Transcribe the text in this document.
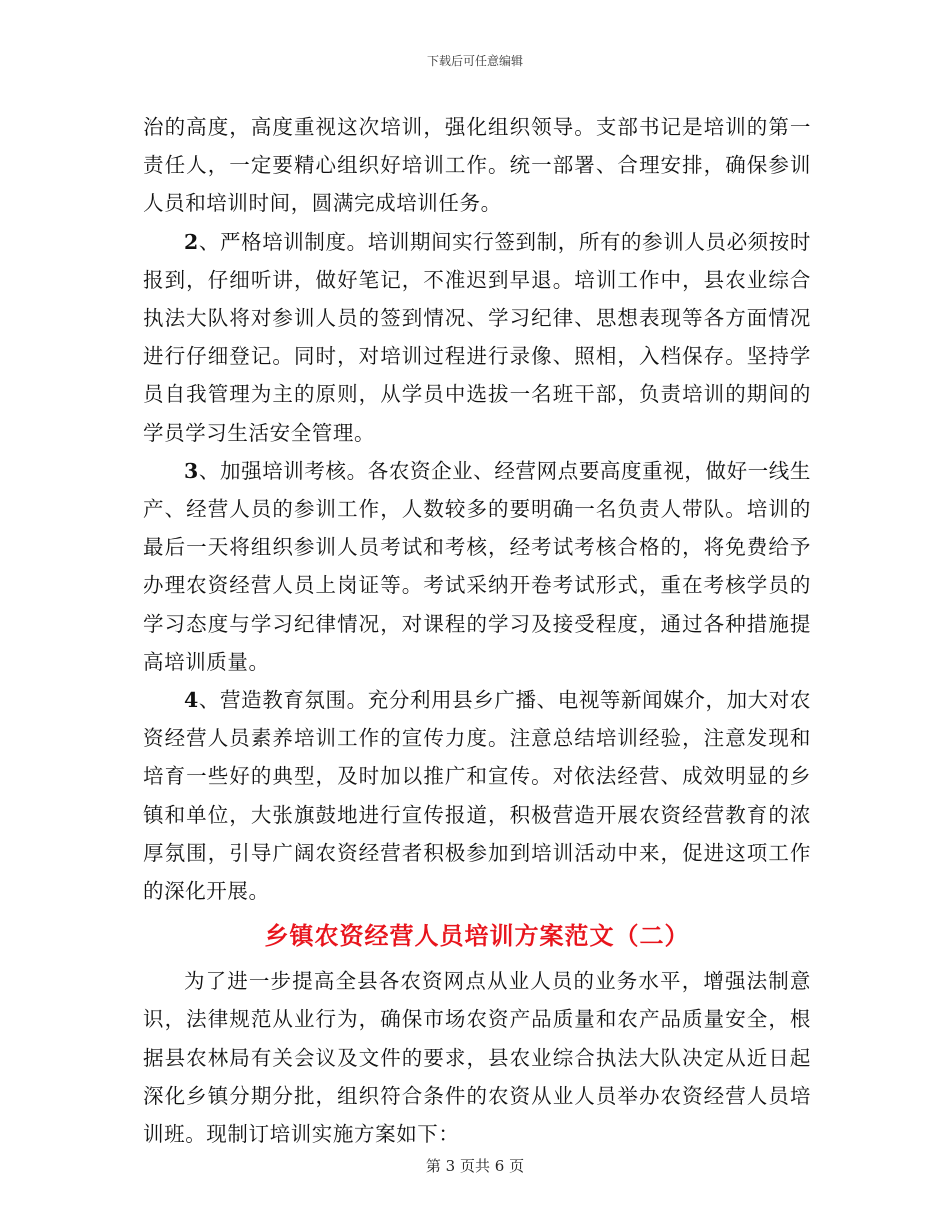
下载后可任意编辑

治的高度，高度重视这次培训，强化组织领导。支部书记是培训的第一责任人，一定要精心组织好培训工作。统一部署、合理安排，确保参训人员和培训时间，圆满完成培训任务。

2、严格培训制度。培训期间实行签到制，所有的参训人员必须按时报到，仔细听讲，做好笔记，不准迟到早退。培训工作中，县农业综合执法大队将对参训人员的签到情况、学习纪律、思想表现等各方面情况进行仔细登记。同时，对培训过程进行录像、照相，入档保存。坚持学员自我管理为主的原则，从学员中选拔一名班干部，负责培训的期间的学员学习生活安全管理。

3、加强培训考核。各农资企业、经营网点要高度重视，做好一线生产、经营人员的参训工作，人数较多的要明确一名负责人带队。培训的最后一天将组织参训人员考试和考核，经考试考核合格的，将免费给予办理农资经营人员上岗证等。考试采纳开卷考试形式，重在考核学员的学习态度与学习纪律情况，对课程的学习及接受程度，通过各种措施提高培训质量。

4、营造教育氛围。充分利用县乡广播、电视等新闻媒介，加大对农资经营人员素养培训工作的宣传力度。注意总结培训经验，注意发现和培育一些好的典型，及时加以推广和宣传。对依法经营、成效明显的乡镇和单位，大张旗鼓地进行宣传报道，积极营造开展农资经营教育的浓厚氛围，引导广阔农资经营者积极参加到培训活动中来，促进这项工作的深化开展。

乡镇农资经营人员培训方案范文（二）

为了进一步提高全县各农资网点从业人员的业务水平，增强法制意识，法律规范从业行为，确保市场农资产品质量和农产品质量安全，根据县农林局有关会议及文件的要求，县农业综合执法大队决定从近日起深化乡镇分期分批，组织符合条件的农资从业人员举办农资经营人员培训班。现制订培训实施方案如下：

第 3 页共 6 页
